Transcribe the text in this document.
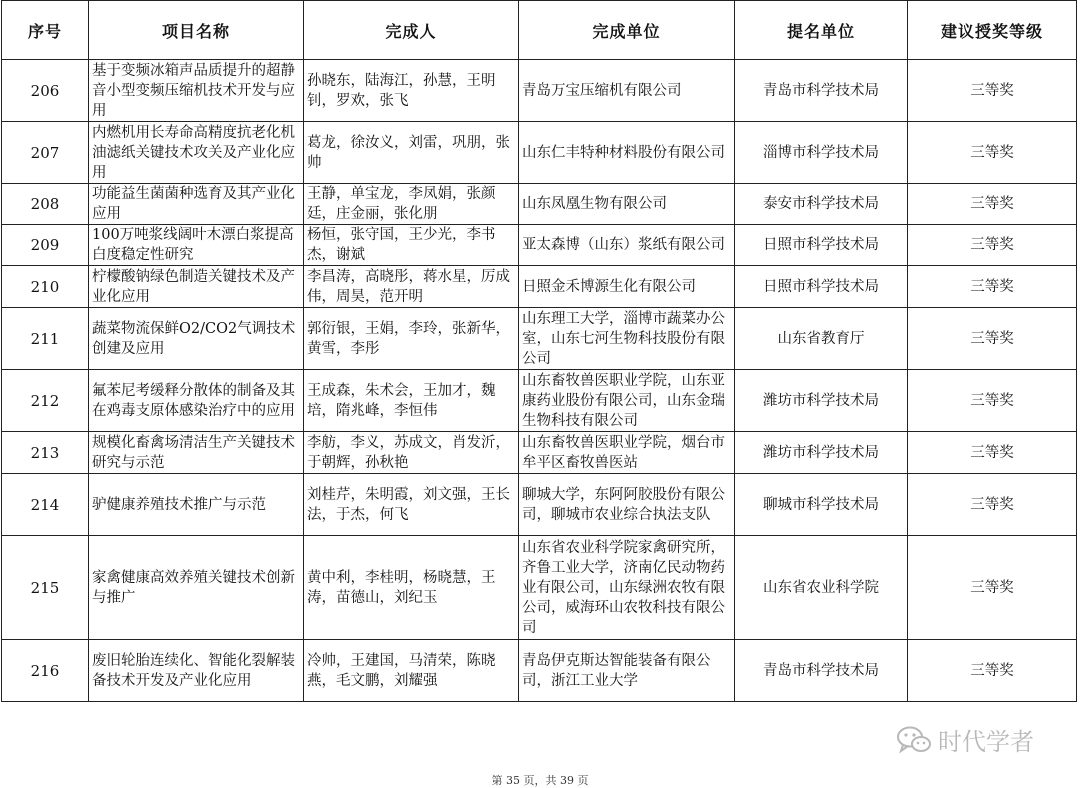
序号	项目名称	完成人	完成单位	提名单位	建议授奖等级
206	基于变频冰箱声品质提升的超静音小型变频压缩机技术开发与应用	孙晓东，陆海江，孙慧，王明钊，罗欢，张飞	青岛万宝压缩机有限公司	青岛市科学技术局	三等奖
207	内燃机用长寿命高精度抗老化机油滤纸关键技术攻关及产业化应用	葛龙，徐汝义，刘雷，巩朋，张帅	山东仁丰特种材料股份有限公司	淄博市科学技术局	三等奖
208	功能益生菌菌种选育及其产业化应用	王静，单宝龙，李凤娟，张颜廷，庄金丽，张化朋	山东凤凰生物有限公司	泰安市科学技术局	三等奖
209	100万吨浆线阔叶木漂白浆提高白度稳定性研究	杨恒，张守国，王少光，李书杰，谢斌	亚太森博（山东）浆纸有限公司	日照市科学技术局	三等奖
210	柠檬酸钠绿色制造关键技术及产业化应用	李昌涛，高晓彤，蒋水星，厉成伟，周昊，范开明	日照金禾博源生化有限公司	日照市科学技术局	三等奖
211	蔬菜物流保鲜O2/CO2气调技术创建及应用	郭衍银，王娟，李玲，张新华，黄雪，李彤	山东理工大学，淄博市蔬菜办公室，山东七河生物科技股份有限公司	山东省教育厅	三等奖
212	氟苯尼考缓释分散体的制备及其在鸡毒支原体感染治疗中的应用	王成森，朱术会，王加才，魏培，隋兆峰，李恒伟	山东畜牧兽医职业学院，山东亚康药业股份有限公司，山东金瑞生物科技有限公司	潍坊市科学技术局	三等奖
213	规模化畜禽场清洁生产关键技术研究与示范	李舫，李义，苏成文，肖发沂，于朝辉，孙秋艳	山东畜牧兽医职业学院，烟台市牟平区畜牧兽医站	潍坊市科学技术局	三等奖
214	驴健康养殖技术推广与示范	刘桂芹，朱明霞，刘文强，王长法，于杰，何飞	聊城大学，东阿阿胶股份有限公司，聊城市农业综合执法支队	聊城市科学技术局	三等奖
215	家禽健康高效养殖关键技术创新与推广	黄中利，李桂明，杨晓慧，王涛，苗德山，刘纪玉	山东省农业科学院家禽研究所，齐鲁工业大学，济南亿民动物药业有限公司，山东绿洲农牧有限公司，威海环山农牧科技有限公司	山东省农业科学院	三等奖
216	废旧轮胎连续化、智能化裂解装备技术开发及产业化应用	冷帅，王建国，马清荣，陈晓燕，毛文鹏，刘耀强	青岛伊克斯达智能装备有限公司，浙江工业大学	青岛市科学技术局	三等奖
时代学者
第 35 页，共 39 页
